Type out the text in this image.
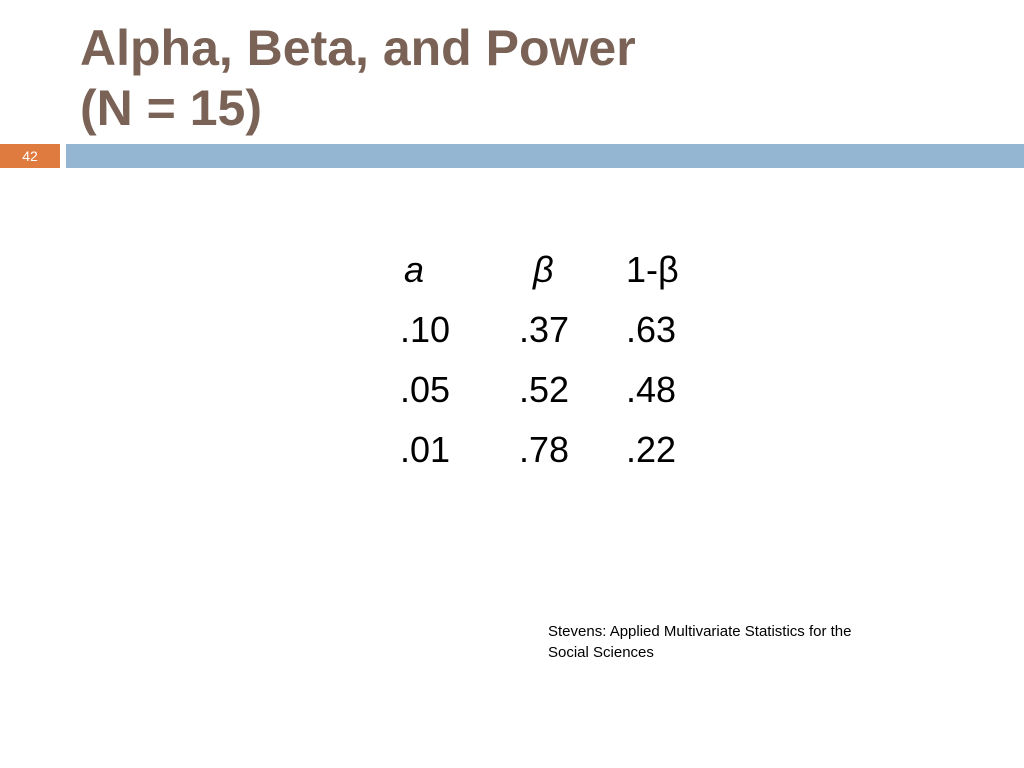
Alpha, Beta, and Power
(N = 15)
42
a	β	1-β
.10	.37	.63
.05	.52	.48
.01	.78	.22

Stevens: Applied Multivariate Statistics for the
Social Sciences
